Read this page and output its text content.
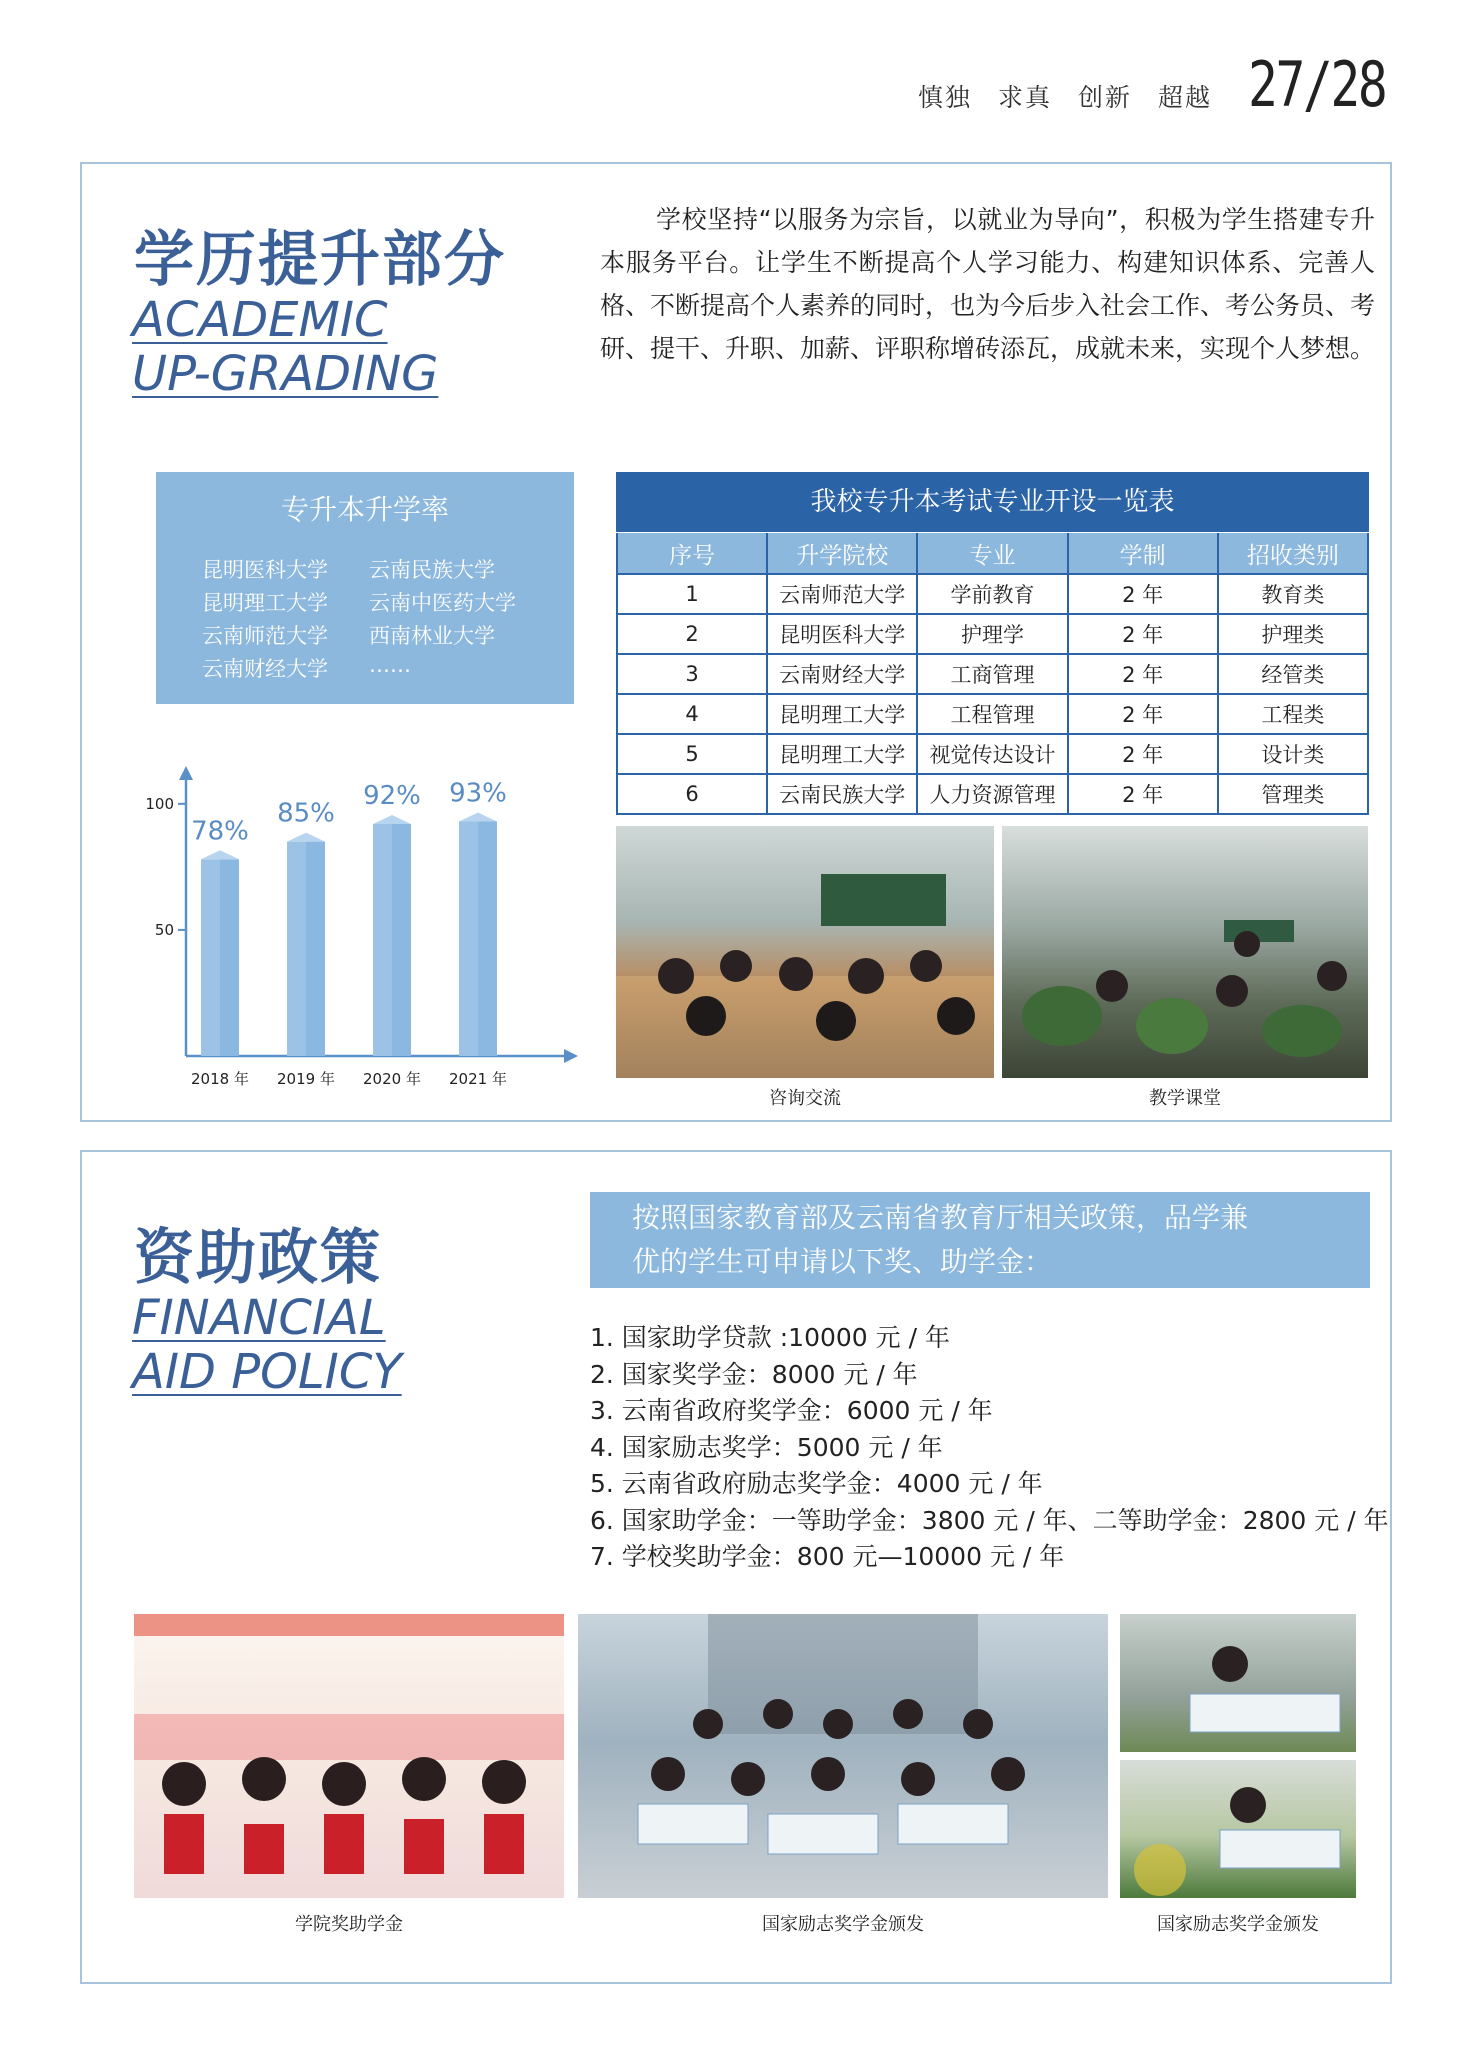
慎独 求真 创新 超越 27/28
学历提升部分
ACADEMIC
UP-GRADING
学校坚持“以服务为宗旨，以就业为导向”，积极为学生搭建专升本服务平台。让学生不断提高个人学习能力、构建知识体系、完善人格、不断提高个人素养的同时，也为今后步入社会工作、考公务员、考研、提干、升职、加薪、评职称增砖添瓦，成就未来，实现个人梦想。
专升本升学率
昆明医科大学 云南民族大学
昆明理工大学 云南中医药大学
云南师范大学 西南林业大学
云南财经大学 ……
50
100
78%
2018 年
85%
2019 年
92%
2020 年
93%
2021 年
我校专升本考试专业开设一览表
序号	升学院校	专业	学制	招收类别
1	云南师范大学	学前教育	2 年	教育类
2	昆明医科大学	护理学	2 年	护理类
3	云南财经大学	工商管理	2 年	经管类
4	昆明理工大学	工程管理	2 年	工程类
5	昆明理工大学	视觉传达设计	2 年	设计类
6	云南民族大学	人力资源管理	2 年	管理类
咨询交流	教学课堂
资助政策
FINANCIAL
AID POLICY
按照国家教育部及云南省教育厅相关政策，品学兼
优的学生可申请以下奖、助学金：
1. 国家助学贷款 :10000 元 / 年
2. 国家奖学金：8000 元 / 年
3. 云南省政府奖学金：6000 元 / 年
4. 国家励志奖学：5000 元 / 年
5. 云南省政府励志奖学金：4000 元 / 年
6. 国家助学金：一等助学金：3800 元 / 年、二等助学金：2800 元 / 年
7. 学校奖助学金：800 元—10000 元 / 年
学院奖助学金	国家励志奖学金颁发	国家励志奖学金颁发
